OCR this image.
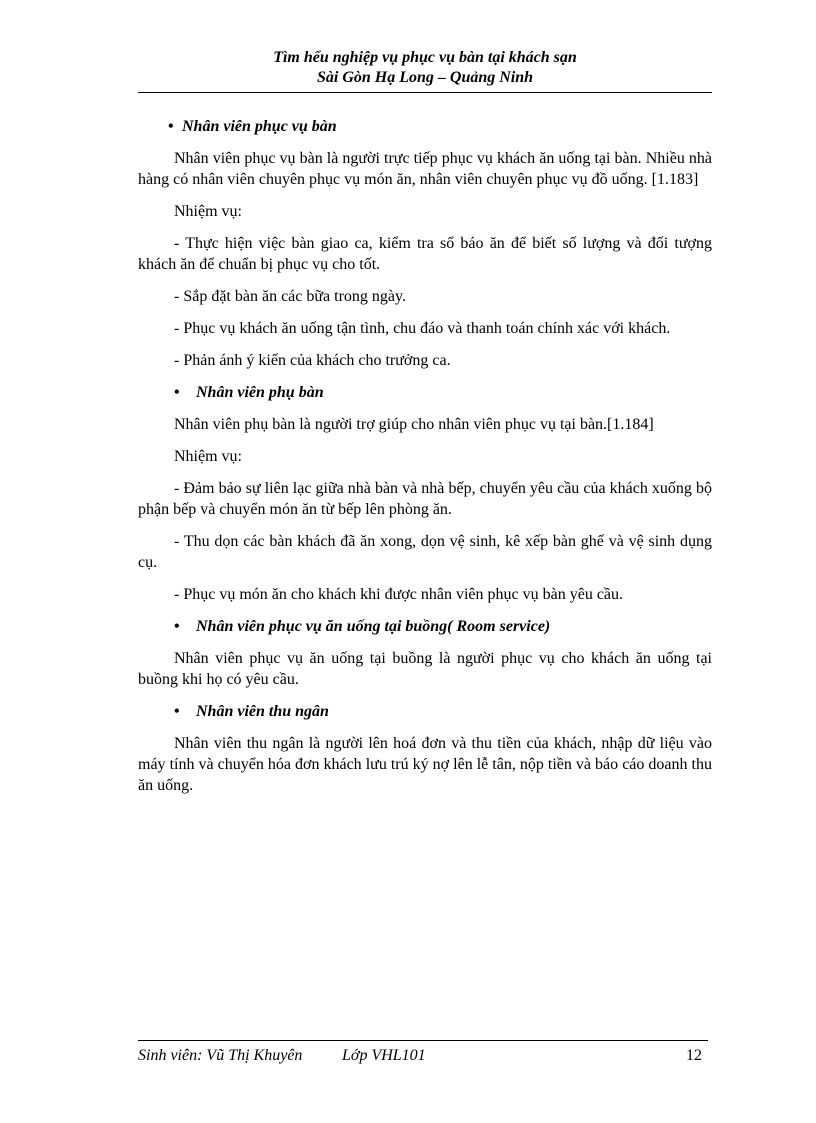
Tìm hểu nghiệp vụ phục vụ bàn tại khách sạn
Sài Gòn Hạ Long – Quảng Ninh

• Nhân viên phục vụ bàn

Nhân viên phục vụ bàn là người trực tiếp phục vụ khách ăn uống tại bàn. Nhiều nhà hàng có nhân viên chuyên phục vụ món ăn, nhân viên chuyên phục vụ đồ uống. [1.183]

Nhiệm vụ:

- Thực hiện việc bàn giao ca, kiểm tra sổ báo ăn để biết số lượng và đối tượng khách ăn để chuẩn bị phục vụ cho tốt.

- Sắp đặt bàn ăn các bữa trong ngày.

- Phục vụ khách ăn uống tận tình, chu đáo và thanh toán chính xác với khách.

- Phản ánh ý kiến của khách cho trưởng ca.

• Nhân viên phụ bàn

Nhân viên phụ bàn là người trợ giúp cho nhân viên phục vụ tại bàn.[1.184]

Nhiệm vụ:

- Đảm bảo sự liên lạc giữa nhà bàn và nhà bếp, chuyển yêu cầu của khách xuống bộ phận bếp và chuyển món ăn từ bếp lên phòng ăn.

- Thu dọn các bàn khách đã ăn xong, dọn vệ sinh, kê xếp bàn ghế và vệ sinh dụng cụ.

- Phục vụ món ăn cho khách khi được nhân viên phục vụ bàn yêu cầu.

• Nhân viên phục vụ ăn uống tại buồng( Room service)

Nhân viên phục vụ ăn uống tại buồng là người phục vụ cho khách ăn uống tại buồng khi họ có yêu cầu.

• Nhân viên thu ngân

Nhân viên thu ngân là người lên hoá đơn và thu tiền của khách, nhập dữ liệu vào máy tính và chuyển hóa đơn khách lưu trú ký nợ lên lễ tân, nộp tiền và báo cáo doanh thu ăn uống.

Sinh viên: Vũ Thị Khuyên Lớp VHL101	12
